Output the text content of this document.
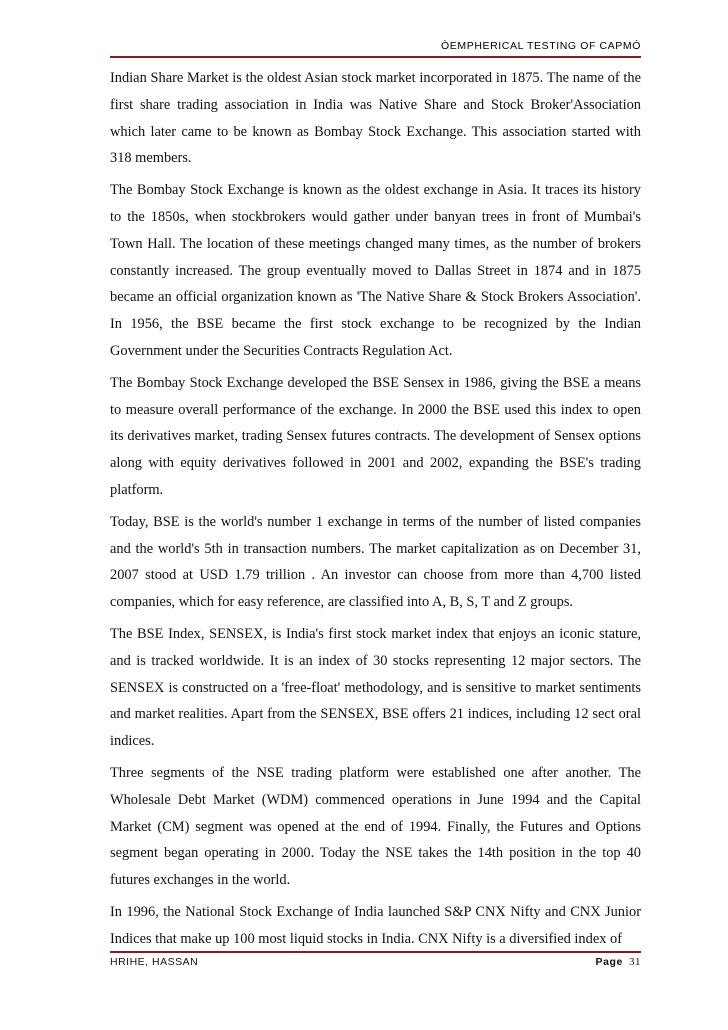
ÒEMPHERICAL TESTING OF CAPMÓ

Indian Share Market is the oldest Asian stock market incorporated in 1875. The name of the first share trading association in India was Native Share and Stock Broker'Association which later came to be known as Bombay Stock Exchange. This association started with 318 members.

The Bombay Stock Exchange is known as the oldest exchange in Asia. It traces its history to the 1850s, when stockbrokers would gather under banyan trees in front of Mumbai's Town Hall. The location of these meetings changed many times, as the number of brokers constantly increased. The group eventually moved to Dallas Street in 1874 and in 1875 became an official organization known as 'The Native Share & Stock Brokers Association'. In 1956, the BSE became the first stock exchange to be recognized by the Indian Government under the Securities Contracts Regulation Act.

The Bombay Stock Exchange developed the BSE Sensex in 1986, giving the BSE a means to measure overall performance of the exchange. In 2000 the BSE used this index to open its derivatives market, trading Sensex futures contracts. The development of Sensex options along with equity derivatives followed in 2001 and 2002, expanding the BSE's trading platform.

Today, BSE is the world's number 1 exchange in terms of the number of listed companies and the world's 5th in transaction numbers. The market capitalization as on December 31, 2007 stood at USD 1.79 trillion . An investor can choose from more than 4,700 listed companies, which for easy reference, are classified into A, B, S, T and Z groups.

The BSE Index, SENSEX, is India's first stock market index that enjoys an iconic stature, and is tracked worldwide. It is an index of 30 stocks representing 12 major sectors. The SENSEX is constructed on a 'free-float' methodology, and is sensitive to market sentiments and market realities. Apart from the SENSEX, BSE offers 21 indices, including 12 sect oral indices.

Three segments of the NSE trading platform were established one after another. The Wholesale Debt Market (WDM) commenced operations in June 1994 and the Capital Market (CM) segment was opened at the end of 1994. Finally, the Futures and Options segment began operating in 2000. Today the NSE takes the 14th position in the top 40 futures exchanges in the world.

In 1996, the National Stock Exchange of India launched S&P CNX Nifty and CNX Junior Indices that make up 100 most liquid stocks in India. CNX Nifty is a diversified index of

HRIHE, HASSAN	Page 31
